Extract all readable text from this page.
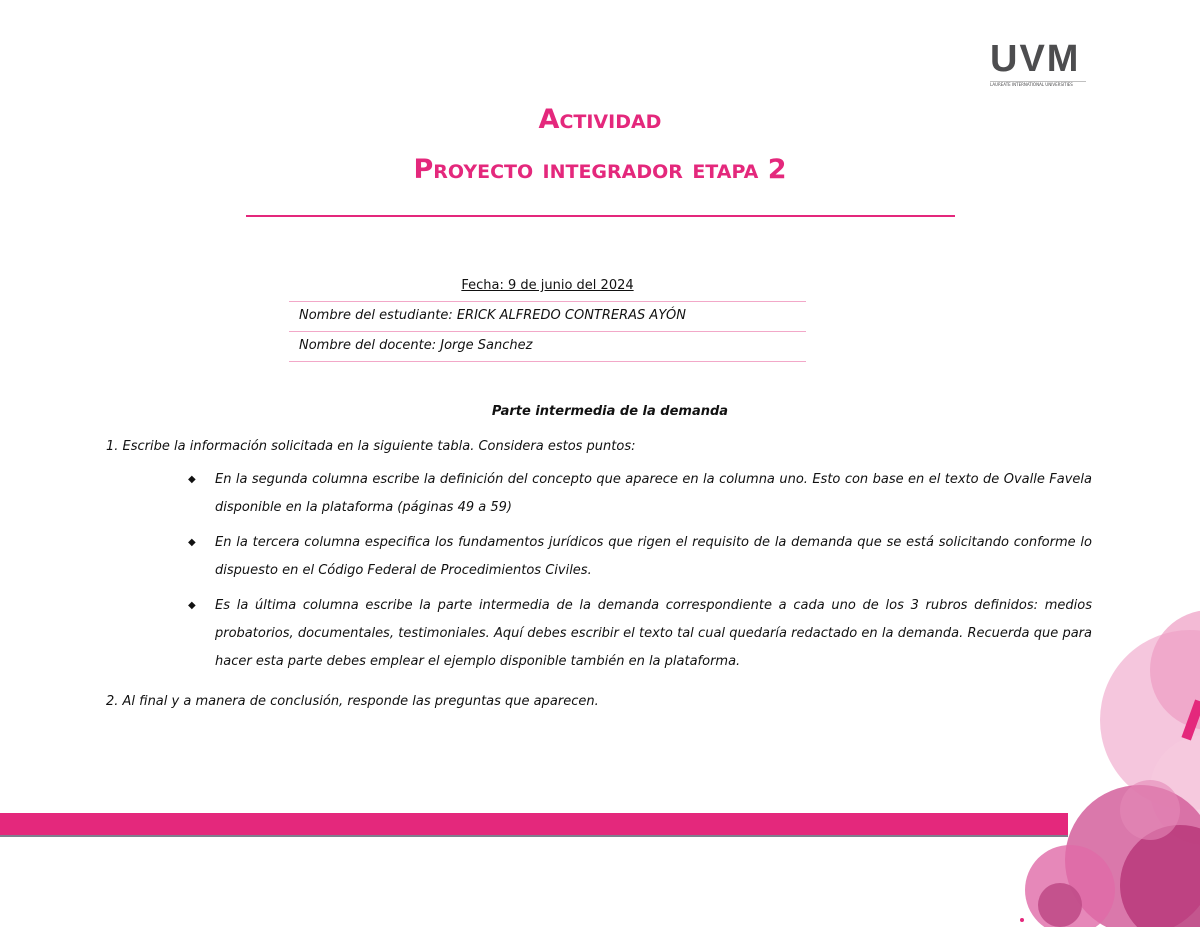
UVM
LAUREATE INTERNATIONAL UNIVERSITIES
Actividad
Proyecto integrador etapa 2
Fecha: 9 de junio del 2024
Nombre del estudiante: ERICK ALFREDO CONTRERAS AYÓN
Nombre del docente: Jorge Sanchez
Parte intermedia de la demanda
1. Escribe la información solicitada en la siguiente tabla. Considera estos puntos:
◆ En la segunda columna escribe la definición del concepto que aparece en la columna uno. Esto con base en el texto de Ovalle Favela disponible en la plataforma (páginas 49 a 59)
◆ En la tercera columna especifica los fundamentos jurídicos que rigen el requisito de la demanda que se está solicitando conforme lo dispuesto en el Código Federal de Procedimientos Civiles.
◆ Es la última columna escribe la parte intermedia de la demanda correspondiente a cada uno de los 3 rubros definidos: medios probatorios, documentales, testimoniales. Aquí debes escribir el texto tal cual quedaría redactado en la demanda. Recuerda que para hacer esta parte debes emplear el ejemplo disponible también en la plataforma.
2. Al final y a manera de conclusión, responde las preguntas que aparecen.
